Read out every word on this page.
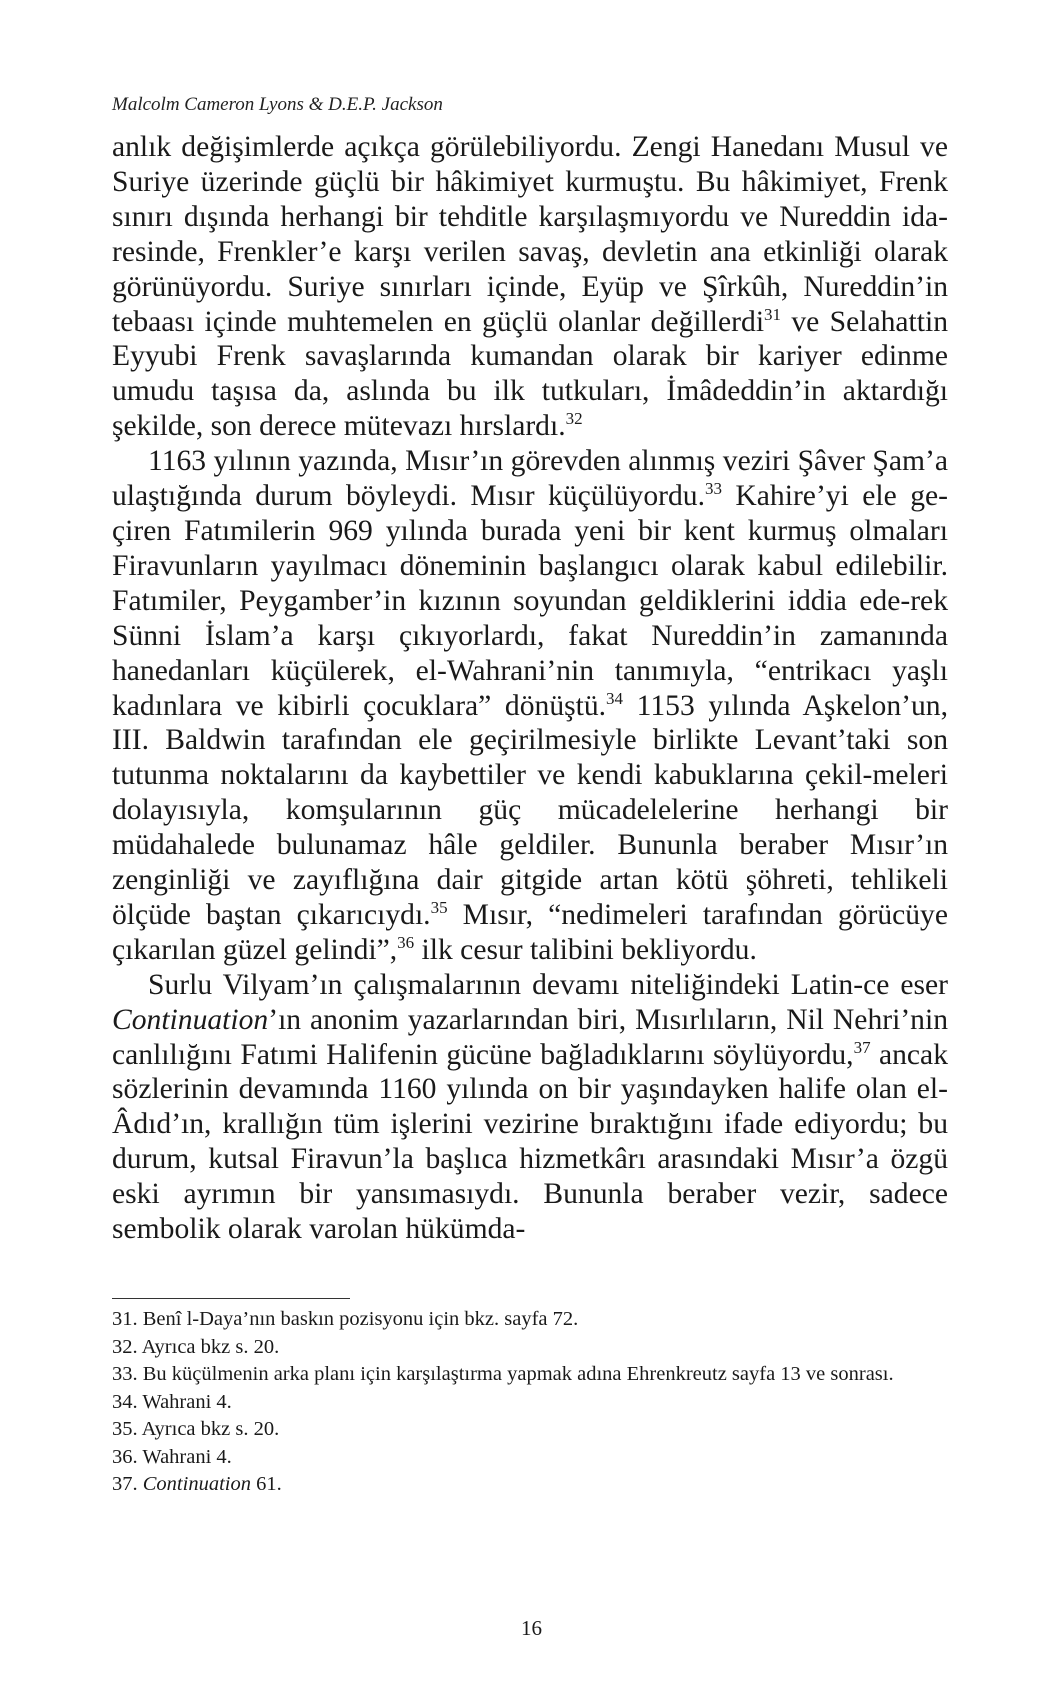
Malcolm Cameron Lyons & D.E.P. Jackson

anlık değişimlerde açıkça görülebiliyordu. Zengi Hanedanı Musul ve Suriye üzerinde güçlü bir hâkimiyet kurmuştu. Bu hâkimiyet, Frenk sınırı dışında herhangi bir tehditle karşılaşmıyordu ve Nureddin ida-resinde, Frenkler’e karşı verilen savaş, devletin ana etkinliği olarak görünüyordu. Suriye sınırları içinde, Eyüp ve Şîrkûh, Nureddin’in tebaası içinde muhtemelen en güçlü olanlar değillerdi$^{31}$ ve Selahattin Eyyubi Frenk savaşlarında kumandan olarak bir kariyer edinme umudu taşısa da, aslında bu ilk tutkuları, İmâdeddin’in aktardığı şekilde, son derece mütevazı hırslardı.$^{32}$

1163 yılının yazında, Mısır’ın görevden alınmış veziri Şâver Şam’a ulaştığında durum böyleydi. Mısır küçülüyordu.$^{33}$ Kahire’yi ele ge-çiren Fatımilerin 969 yılında burada yeni bir kent kurmuş olmaları Firavunların yayılmacı döneminin başlangıcı olarak kabul edilebilir. Fatımiler, Peygamber’in kızının soyundan geldiklerini iddia ede-rek Sünni İslam’a karşı çıkıyorlardı, fakat Nureddin’in zamanında hanedanları küçülerek, el-Wahrani’nin tanımıyla, “entrikacı yaşlı kadınlara ve kibirli çocuklara” dönüştü.$^{34}$ 1153 yılında Aşkelon’un, III. Baldwin tarafından ele geçirilmesiyle birlikte Levant’taki son tutunma noktalarını da kaybettiler ve kendi kabuklarına çekil-meleri dolayısıyla, komşularının güç mücadelelerine herhangi bir müdahalede bulunamaz hâle geldiler. Bununla beraber Mısır’ın zenginliği ve zayıflığına dair gitgide artan kötü şöhreti, tehlikeli ölçüde baştan çıkarıcıydı.$^{35}$ Mısır, “nedimeleri tarafından görücüye çıkarılan güzel gelindi”,$^{36}$ ilk cesur talibini bekliyordu.

Surlu Vilyam’ın çalışmalarının devamı niteliğindeki Latin-ce eser Continuation’ın anonim yazarlarından biri, Mısırlıların, Nil Nehri’nin canlılığını Fatımi Halifenin gücüne bağladıklarını söylüyordu,$^{37}$ ancak sözlerinin devamında 1160 yılında on bir yaşındayken halife olan el-Âdıd’ın, krallığın tüm işlerini vezirine bıraktığını ifade ediyordu; bu durum, kutsal Firavun’la başlıca hizmetkârı arasındaki Mısır’a özgü eski ayrımın bir yansımasıydı. Bununla beraber vezir, sadece sembolik olarak varolan hükümda-

31. Benî l-Daya’nın baskın pozisyonu için bkz. sayfa 72.

32. Ayrıca bkz s. 20.

33. Bu küçülmenin arka planı için karşılaştırma yapmak adına Ehrenkreutz sayfa 13 ve sonrası.

34. Wahrani 4.

35. Ayrıca bkz s. 20.

36. Wahrani 4.

37. Continuation 61.

16
